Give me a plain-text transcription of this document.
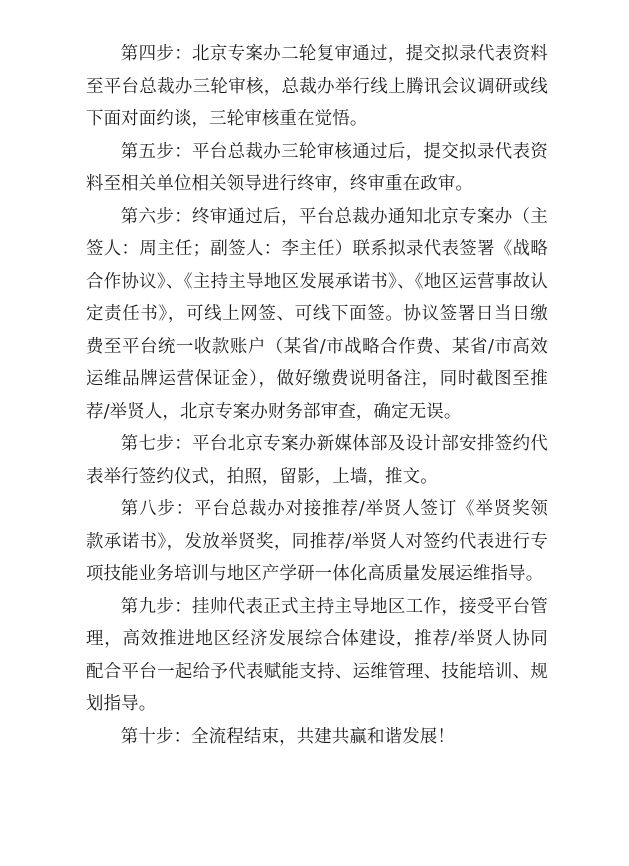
第四步：北京专案办二轮复审通过，提交拟录代表资料至平台总裁办三轮审核，总裁办举行线上腾讯会议调研或线下面对面约谈，三轮审核重在觉悟。

第五步：平台总裁办三轮审核通过后，提交拟录代表资料至相关单位相关领导进行终审，终审重在政审。

第六步：终审通过后，平台总裁办通知北京专案办（主签人：周主任；副签人：李主任）联系拟录代表签署《战略合作协议》、《主持主导地区发展承诺书》、《地区运营事故认定责任书》，可线上网签、可线下面签。协议签署日当日缴费至平台统一收款账户（某省/市战略合作费、某省/市高效运维品牌运营保证金），做好缴费说明备注，同时截图至推荐/举贤人，北京专案办财务部审查，确定无误。

第七步：平台北京专案办新媒体部及设计部安排签约代表举行签约仪式，拍照，留影，上墙，推文。

第八步：平台总裁办对接推荐/举贤人签订《举贤奖领款承诺书》，发放举贤奖，同推荐/举贤人对签约代表进行专项技能业务培训与地区产学研一体化高质量发展运维指导。

第九步：挂帅代表正式主持主导地区工作，接受平台管理，高效推进地区经济发展综合体建设，推荐/举贤人协同配合平台一起给予代表赋能支持、运维管理、技能培训、规划指导。

第十步：全流程结束，共建共赢和谐发展！
